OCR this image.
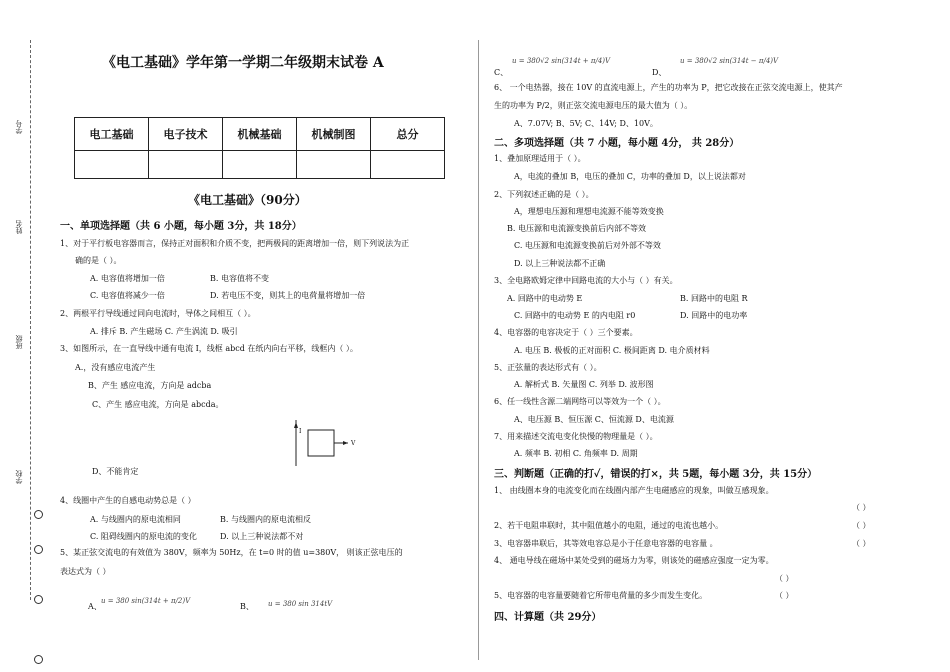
学号
姓名
班级
学校
《电工基础》学年第一学期二年级期末试卷 A
电工基础	电子技术	机械基础	机械制图	总分

《电工基础》（90分）
一、单项选择题（共 6 小题，每小题 3分，共 18分）
1、对于平行板电容器而言，保持正对面积和介质不变，把两极间的距离增加一倍，则下列说法为正
确的是（ ）。
A. 电容值将增加一倍	B. 电容值将不变
C. 电容值将减少一倍	D. 若电压不变，则其上的电荷量将增加一倍
2、两根平行导线通过同向电流时，导体之间相互（ ）。
A. 排斥 B. 产生磁场 C. 产生涡流 D. 吸引
3、如图所示，在一直导线中通有电流 I，线框 abcd 在纸内向右平移，线框内（ ）。
A.，没有感应电流产生
B、产生 感应电流，方向是 adcba
C、产生 感应电流，方向是 abcda。
I
V
D、不能肯定
4、线圈中产生的自感电动势总是（ ）
A. 与线圈内的原电流相同	B. 与线圈内的原电流相反
C. 阻碍线圈内的原电流的变化	D. 以上三种说法都不对
5、某正弦交流电的有效值为 380V，频率为 50Hz，在 t=0 时的值 u=380V， 则该正弦电压的
表达式为（ ）
A、
u = 380 sin(314t + π/2)V
B、 u = 380 sin 314tV
C、
u = 380√2 sin(314t + π/4)V
D、
u = 380√2 sin(314t − π/4)V
6、 一个电热器，接在 10V 的直流电源上，产生的功率为 P，把它改接在正弦交流电源上，使其产
生的功率为 P/2，则正弦交流电源电压的最大值为（ ）。
A、7.07V; B、5V; C、14V; D、10V。
二、多项选择题（共 7 小题，每小题 4分， 共 28分）
1、叠加原理适用于（ ）。
A，电流的叠加 B，电压的叠加 C，功率的叠加 D，以上说法都对
2、下列叙述正确的是（ ）。
A，理想电压源和理想电流源不能等效变换
B. 电压源和电流源变换前后内部不等效
C. 电压源和电流源变换前后对外部不等效
D. 以上三种说法都不正确
3、全电路欧姆定律中回路电流的大小与（ ）有关。
A. 回路中的电动势 E	B. 回路中的电阻 R
C. 回路中的电动势 E 的内电阻 r0	D. 回路中的电功率
4、电容器的电容决定于（ ）三个要素。
A. 电压 B. 极板的正对面积 C. 极间距离 D. 电介质材料
5、正弦量的表达形式有（ ）。
A. 解析式 B. 矢量图 C. 列举 D. 波形图
6、任一线性含源二端网络可以等效为一个（ ）。
A、电压源 B、恒压源 C、恒流源 D、电流源
7、用来描述交流电变化快慢的物理量是（ ）。
A. 频率 B. 初相 C. 角频率 D. 周期
三、判断题（正确的打✓，错误的打×，共 5题，每小题 3分，共 15分）
1、 由线圈本身的电流变化而在线圈内部产生电磁感应的现象，叫做互感现象。
（ ）
2、若干电阻串联时，其中阻值越小的电阻，通过的电流也越小。	（ ）
3、电容器串联后，其等效电容总是小于任意电容器的电容量 。	（ ）
4、 通电导线在磁场中某处受到的磁场力为零，则该处的磁感应强度一定为零。
（ ）
5、电容器的电容量要随着它所带电荷量的多少而发生变化。	（ ）
四、计算题（共 29分）
